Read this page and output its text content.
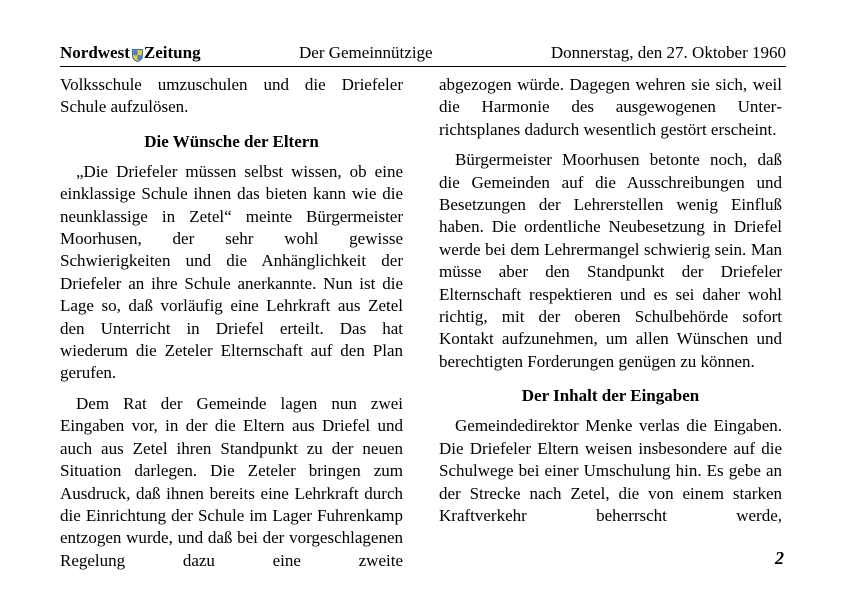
Nordwest Zeitung	Der Gemeinnützige	Donnerstag, den 27. Oktober 1960

Volksschule umzuschulen und die Driefeler Schule aufzulösen.

Die Wünsche der Eltern

„Die Driefeler müssen selbst wissen, ob eine einklassige Schule ihnen das bieten kann wie die neunklassige in Zetel“ meinte Bürgermeister Moorhusen, der sehr wohl gewisse Schwierigkeiten und die Anhänglichkeit der Driefeler an ihre Schule anerkannte. Nun ist die Lage so, daß vorläufig eine Lehrkraft aus Zetel den Unterricht in Driefel erteilt. Das hat wiederum die Zeteler Elternschaft auf den Plan gerufen.

Dem Rat der Gemeinde lagen nun zwei Eingaben vor, in der die Eltern aus Driefel und auch aus Zetel ihren Standpunkt zu der neuen Situation darlegen. Die Zeteler bringen zum Ausdruck, daß ihnen bereits eine Lehrkraft durch die Einrichtung der Schule im Lager Fuhrenkamp entzogen wurde, und daß bei der vorgeschlagenen Regelung dazu eine zweite

abgezogen würde. Dagegen wehren sie sich, weil die Harmonie des ausgewogenen Unterrichtsplanes dadurch wesentlich gestört erscheint.

Bürgermeister Moorhusen betonte noch, daß die Gemeinden auf die Ausschreibungen und Besetzungen der Lehrerstellen wenig Einfluß haben. Die ordentliche Neubesetzung in Driefel werde bei dem Lehrermangel schwierig sein. Man müsse aber den Standpunkt der Driefeler Elternschaft respektieren und es sei daher wohl richtig, mit der oberen Schulbehörde sofort Kontakt aufzunehmen, um allen Wünschen und berechtigten Forderungen genügen zu können.

Der Inhalt der Eingaben

Gemeindedirektor Menke verlas die Eingaben. Die Driefeler Eltern weisen insbesondere auf die Schulwege bei einer Umschulung hin. Es gebe an der Strecke nach Zetel, die von einem starken Kraftverkehr beherrscht werde,

2
